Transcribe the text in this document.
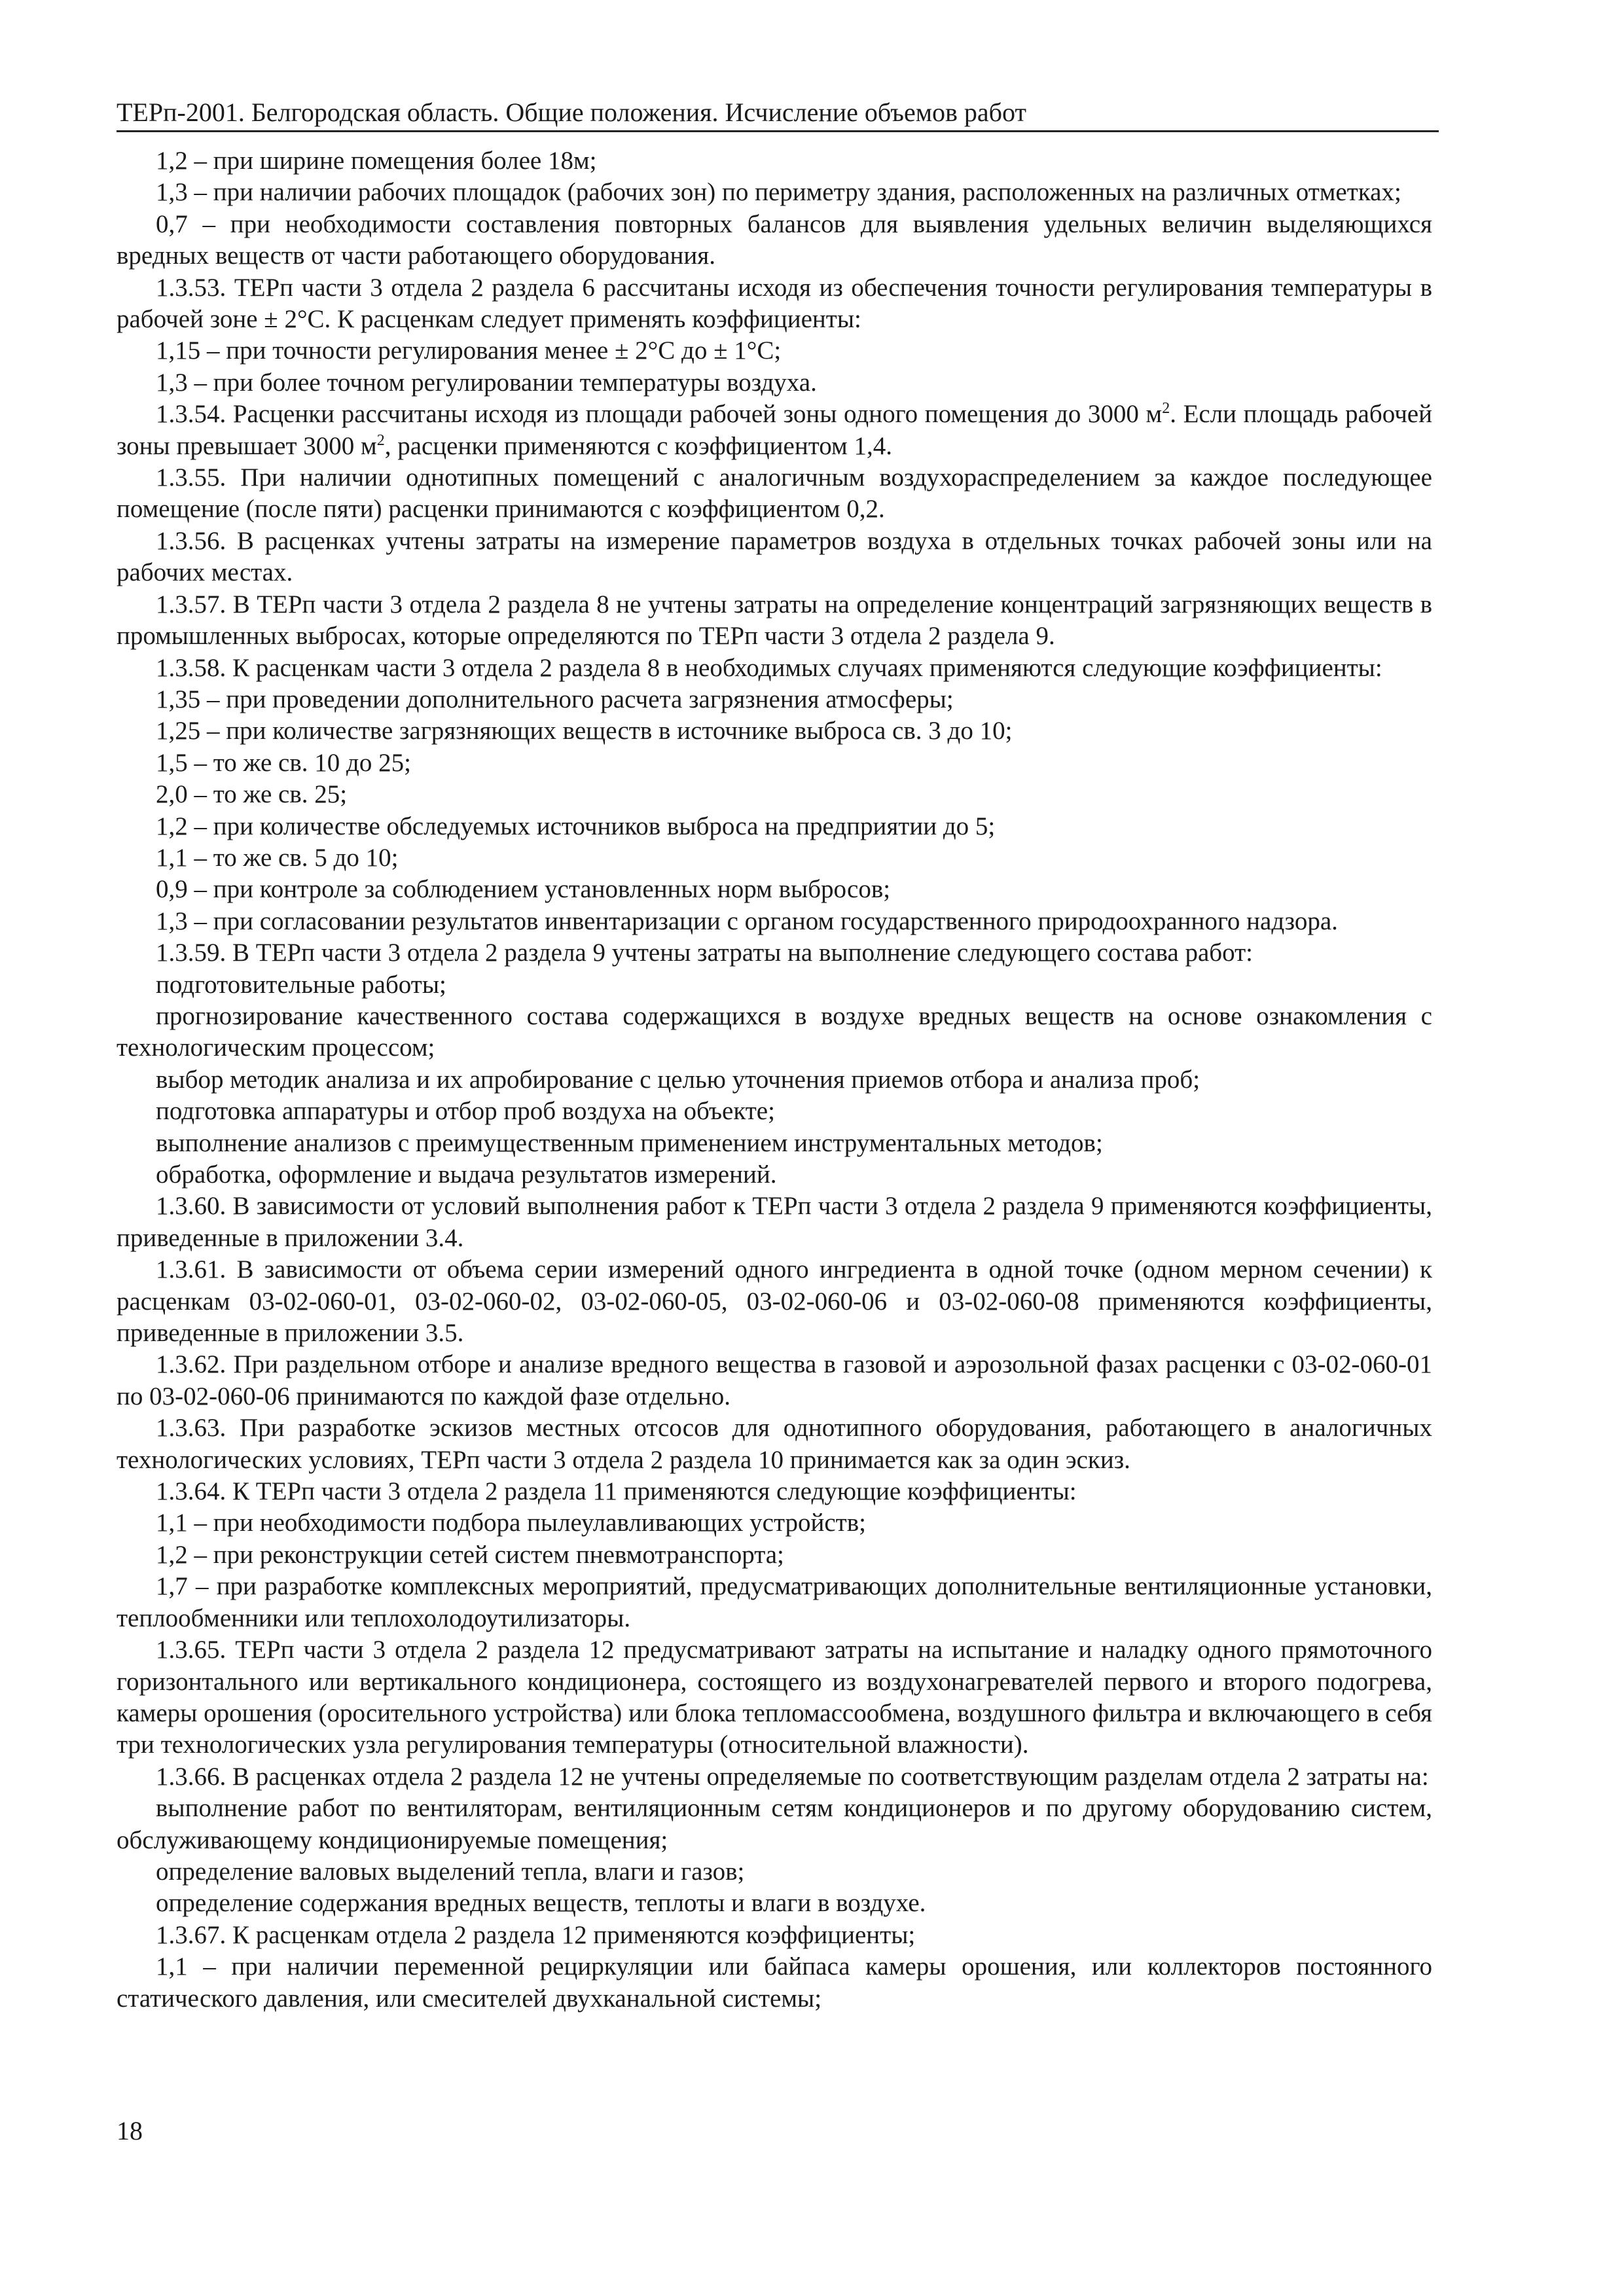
ТЕРп-2001. Белгородская область. Общие положения. Исчисление объемов работ

1,2 – при ширине помещения более 18м;

1,3 – при наличии рабочих площадок (рабочих зон) по периметру здания, расположенных на различных отметках;

0,7 – при необходимости составления повторных балансов для выявления удельных величин выделяющихся вредных веществ от части работающего оборудования.

1.3.53. ТЕРп части 3 отдела 2 раздела 6 рассчитаны исходя из обеспечения точности регулирования температуры в рабочей зоне ± 2°С. К расценкам следует применять коэффициенты:

1,15 – при точности регулирования менее ± 2°С до ± 1°С;

1,3 – при более точном регулировании температуры воздуха.

1.3.54. Расценки рассчитаны исходя из площади рабочей зоны одного помещения до 3000 $м^2$. Если площадь рабочей зоны превышает 3000 $м^2$, расценки применяются с коэффициентом 1,4.

1.3.55. При наличии однотипных помещений с аналогичным воздухораспределением за каждое последующее помещение (после пяти) расценки принимаются с коэффициентом 0,2.

1.3.56. В расценках учтены затраты на измерение параметров воздуха в отдельных точках рабочей зоны или на рабочих местах.

1.3.57. В ТЕРп части 3 отдела 2 раздела 8 не учтены затраты на определение концентраций загрязняющих веществ в промышленных выбросах, которые определяются по ТЕРп части 3 отдела 2 раздела 9.

1.3.58. К расценкам части 3 отдела 2 раздела 8 в необходимых случаях применяются следующие коэффициенты:

1,35 – при проведении дополнительного расчета загрязнения атмосферы;

1,25 – при количестве загрязняющих веществ в источнике выброса св. 3 до 10;

1,5 – то же св. 10 до 25;

2,0 – то же св. 25;

1,2 – при количестве обследуемых источников выброса на предприятии до 5;

1,1 – то же св. 5 до 10;

0,9 – при контроле за соблюдением установленных норм выбросов;

1,3 – при согласовании результатов инвентаризации с органом государственного природоохранного надзора.

1.3.59. В ТЕРп части 3 отдела 2 раздела 9 учтены затраты на выполнение следующего состава работ:

подготовительные работы;

прогнозирование качественного состава содержащихся в воздухе вредных веществ на основе ознакомления с технологическим процессом;

выбор методик анализа и их апробирование с целью уточнения приемов отбора и анализа проб;

подготовка аппаратуры и отбор проб воздуха на объекте;

выполнение анализов с преимущественным применением инструментальных методов;

обработка, оформление и выдача результатов измерений.

1.3.60. В зависимости от условий выполнения работ к ТЕРп части 3 отдела 2 раздела 9 применяются коэффициенты, приведенные в приложении 3.4.

1.3.61. В зависимости от объема серии измерений одного ингредиента в одной точке (одном мерном сечении) к расценкам 03-02-060-01, 03-02-060-02, 03-02-060-05, 03-02-060-06 и 03-02-060-08 применяются коэффициенты, приведенные в приложении 3.5.

1.3.62. При раздельном отборе и анализе вредного вещества в газовой и аэрозольной фазах расценки с 03-02-060-01 по 03-02-060-06 принимаются по каждой фазе отдельно.

1.3.63. При разработке эскизов местных отсосов для однотипного оборудования, работающего в аналогичных технологических условиях, ТЕРп части 3 отдела 2 раздела 10 принимается как за один эскиз.

1.3.64. К ТЕРп части 3 отдела 2 раздела 11 применяются следующие коэффициенты:

1,1 – при необходимости подбора пылеулавливающих устройств;

1,2 – при реконструкции сетей систем пневмотранспорта;

1,7 – при разработке комплексных мероприятий, предусматривающих дополнительные вентиляционные установки, теплообменники или теплохолодоутилизаторы.

1.3.65. ТЕРп части 3 отдела 2 раздела 12 предусматривают затраты на испытание и наладку одного прямоточного горизонтального или вертикального кондиционера, состоящего из воздухонагревателей первого и второго подогрева, камеры орошения (оросительного устройства) или блока тепломассообмена, воздушного фильтра и включающего в себя три технологических узла регулирования температуры (относительной влажности).

1.3.66. В расценках отдела 2 раздела 12 не учтены определяемые по соответствующим разделам отдела 2 затраты на:

выполнение работ по вентиляторам, вентиляционным сетям кондиционеров и по другому оборудованию систем, обслуживающему кондиционируемые помещения;

определение валовых выделений тепла, влаги и газов;

определение содержания вредных веществ, теплоты и влаги в воздухе.

1.3.67. К расценкам отдела 2 раздела 12 применяются коэффициенты;

1,1 – при наличии переменной рециркуляции или байпаса камеры орошения, или коллекторов постоянного статического давления, или смесителей двухканальной системы;

18
